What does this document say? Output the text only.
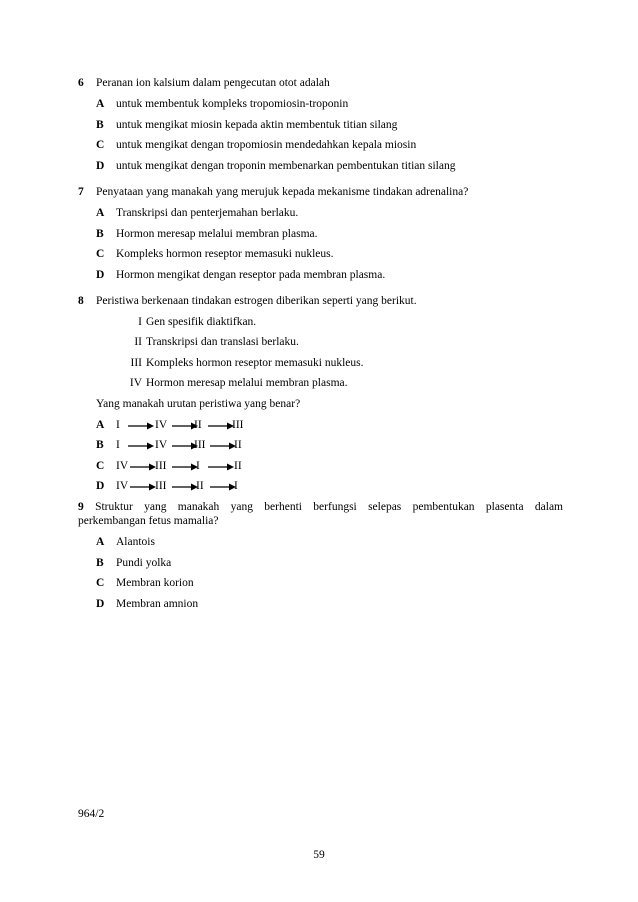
6 Peranan ion kalsium dalam pengecutan otot adalah
A untuk membentuk kompleks tropomiosin-troponin
B untuk mengikat miosin kepada aktin membentuk titian silang
C untuk mengikat dengan tropomiosin mendedahkan kepala miosin
D untuk mengikat dengan troponin membenarkan pembentukan titian silang
7 Penyataan yang manakah yang merujuk kepada mekanisme tindakan adrenalina?
A Transkripsi dan penterjemahan berlaku.
B Hormon meresap melalui membran plasma.
C Kompleks hormon reseptor memasuki nukleus.
D Hormon mengikat dengan reseptor pada membran plasma.
8 Peristiwa berkenaan tindakan estrogen diberikan seperti yang berikut.
I Gen spesifik diaktifkan.
II Transkripsi dan translasi berlaku.
III Kompleks hormon reseptor memasuki nukleus.
IV Hormon meresap melalui membran plasma.
Yang manakah urutan peristiwa yang benar?
A I	IV II	III
B I	IV III II
C IV III	I	II
D IV III	II	I
9 Struktur yang manakah yang berhenti berfungsi selepas pembentukan plasenta dalam
perkembangan fetus mamalia?
A Alantois
B Pundi yolka
C Membran korion
D Membran amnion
964/2
59
